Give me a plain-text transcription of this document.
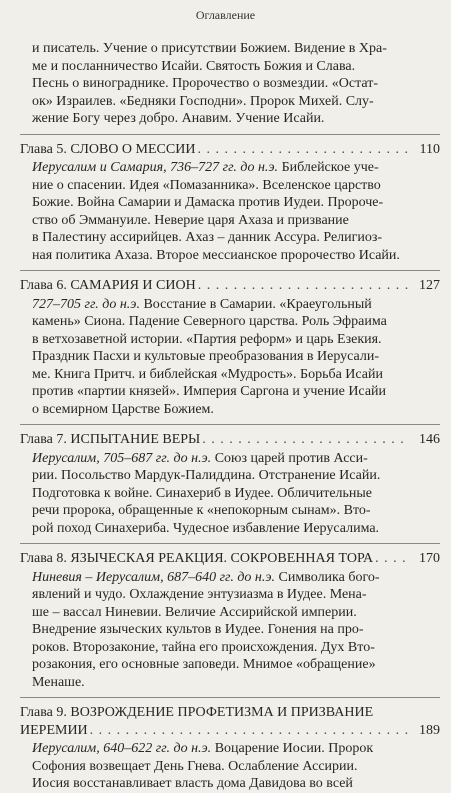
Оглавление
и писатель. Учение о присутствии Божием. Видение в Хра-
ме и посланничество Исайи. Святость Божия и Слава.
Песнь о винограднике. Пророчество о возмездии. «Остат-
ок» Израилев. «Бедняки Господни». Пророк Михей. Слу-
жение Богу через добро. Анавим. Учение Исайи.
Глава 5. СЛОВО О МЕССИИ . . .	110
Иерусалим и Самария, 736–727 гг. до н.э. Библейское уче-
ние о спасении. Идея «Помазанника». Вселенское царство
Божие. Война Самарии и Дамаска против Иудеи. Пророче-
ство об Эммануиле. Неверие царя Ахаза и призвание
в Палестину ассирийцев. Ахаз – данник Ассура. Религиоз-
ная политика Ахаза. Второе мессианское пророчество Исайи.
Глава 6. САМАРИЯ И СИОН . . .	127
727–705 гг. до н.э. Восстание в Самарии. «Краеугольный
камень» Сиона. Падение Северного царства. Роль Эфраима
в ветхозаветной истории. «Партия реформ» и царь Езекия.
Праздник Пасхи и культовые преобразования в Иерусали-
ме. Книга Притч. и библейская «Мудрость». Борьба Исайи
против «партии князей». Империя Саргона и учение Исайи
о всемирном Царстве Божием.
Глава 7. ИСПЫТАНИЕ ВЕРЫ . . .	146
Иерусалим, 705–687 гг. до н.э. Союз царей против Асси-
рии. Посольство Мардук-Палиддина. Отстранение Исайи.
Подготовка к войне. Синахериб в Иудее. Обличительные
речи пророка, обращенные к «непокорным сынам». Вто-
рой поход Синахериба. Чудесное избавление Иерусалима.
Глава 8. ЯЗЫЧЕСКАЯ РЕАКЦИЯ. СОКРОВЕННАЯ ТОРА . . .	170
Ниневия – Иерусалим, 687–640 гг. до н.э. Символика бого-
явлений и чудо. Охлаждение энтузиазма в Иудее. Мена-
ше – вассал Ниневии. Величие Ассирийской империи.
Внедрение языческих культов в Иудее. Гонения на про-
роков. Второзаконие, тайна его происхождения. Дух Вто-
розакония, его основные заповеди. Мнимое «обращение»
Менаше.
Глава 9. ВОЗРОЖДЕНИЕ ПРОФЕТИЗМА И ПРИЗВАНИЕ
ИЕРЕМИИ . . .	189
Иерусалим, 640–622 гг. до н.э. Воцарение Иосии. Пророк
Софония возвещает День Гнева. Ослабление Ассирии.
Иосия восстанавливает власть дома Давидова во всей
